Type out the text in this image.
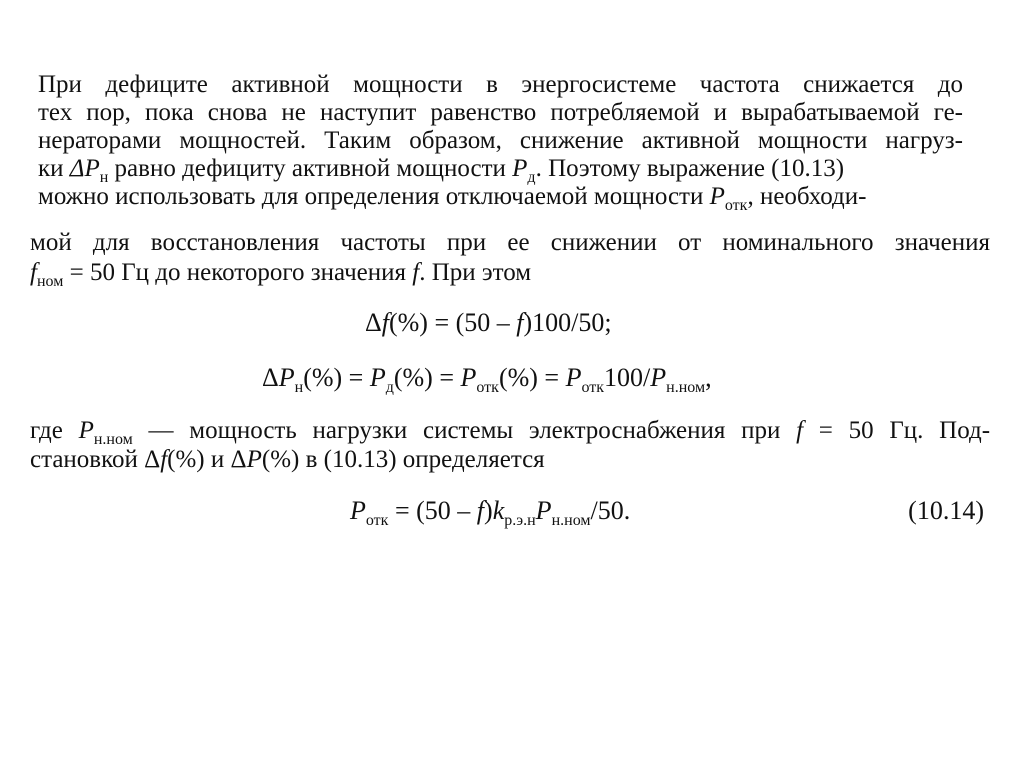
При дефиците активной мощности в энергосистеме частота снижается до
тех пор, пока снова не наступит равенство потребляемой и вырабатываемой ге-
нераторами мощностей. Таким образом, снижение активной мощности нагруз-
ки $\Delta P_н$ равно дефициту активной мощности $P_д$. Поэтому выражение (10.13)
можно использовать для определения отключаемой мощности $P_{отк}$, необходи-
мой для восстановления частоты при ее снижении от номинального значения
$f_{ном} = 50$ Гц до некоторого значения f. При этом
Δf(%) = (50 – f)100/50;
$\Delta P_н(\%) = P_д(\%) = P_{отк}(\%) = P_{отк}100/P_{н.ном}$,
где $P_{н.ном}$ — мощность нагрузки системы электроснабжения при f = 50 Гц. Под-
становкой Δf(%) и ΔP(%) в (10.13) определяется
$P_{отк} = (50 - f)k_{р.э.н}P_{н.ном}/50$.	(10.14)
